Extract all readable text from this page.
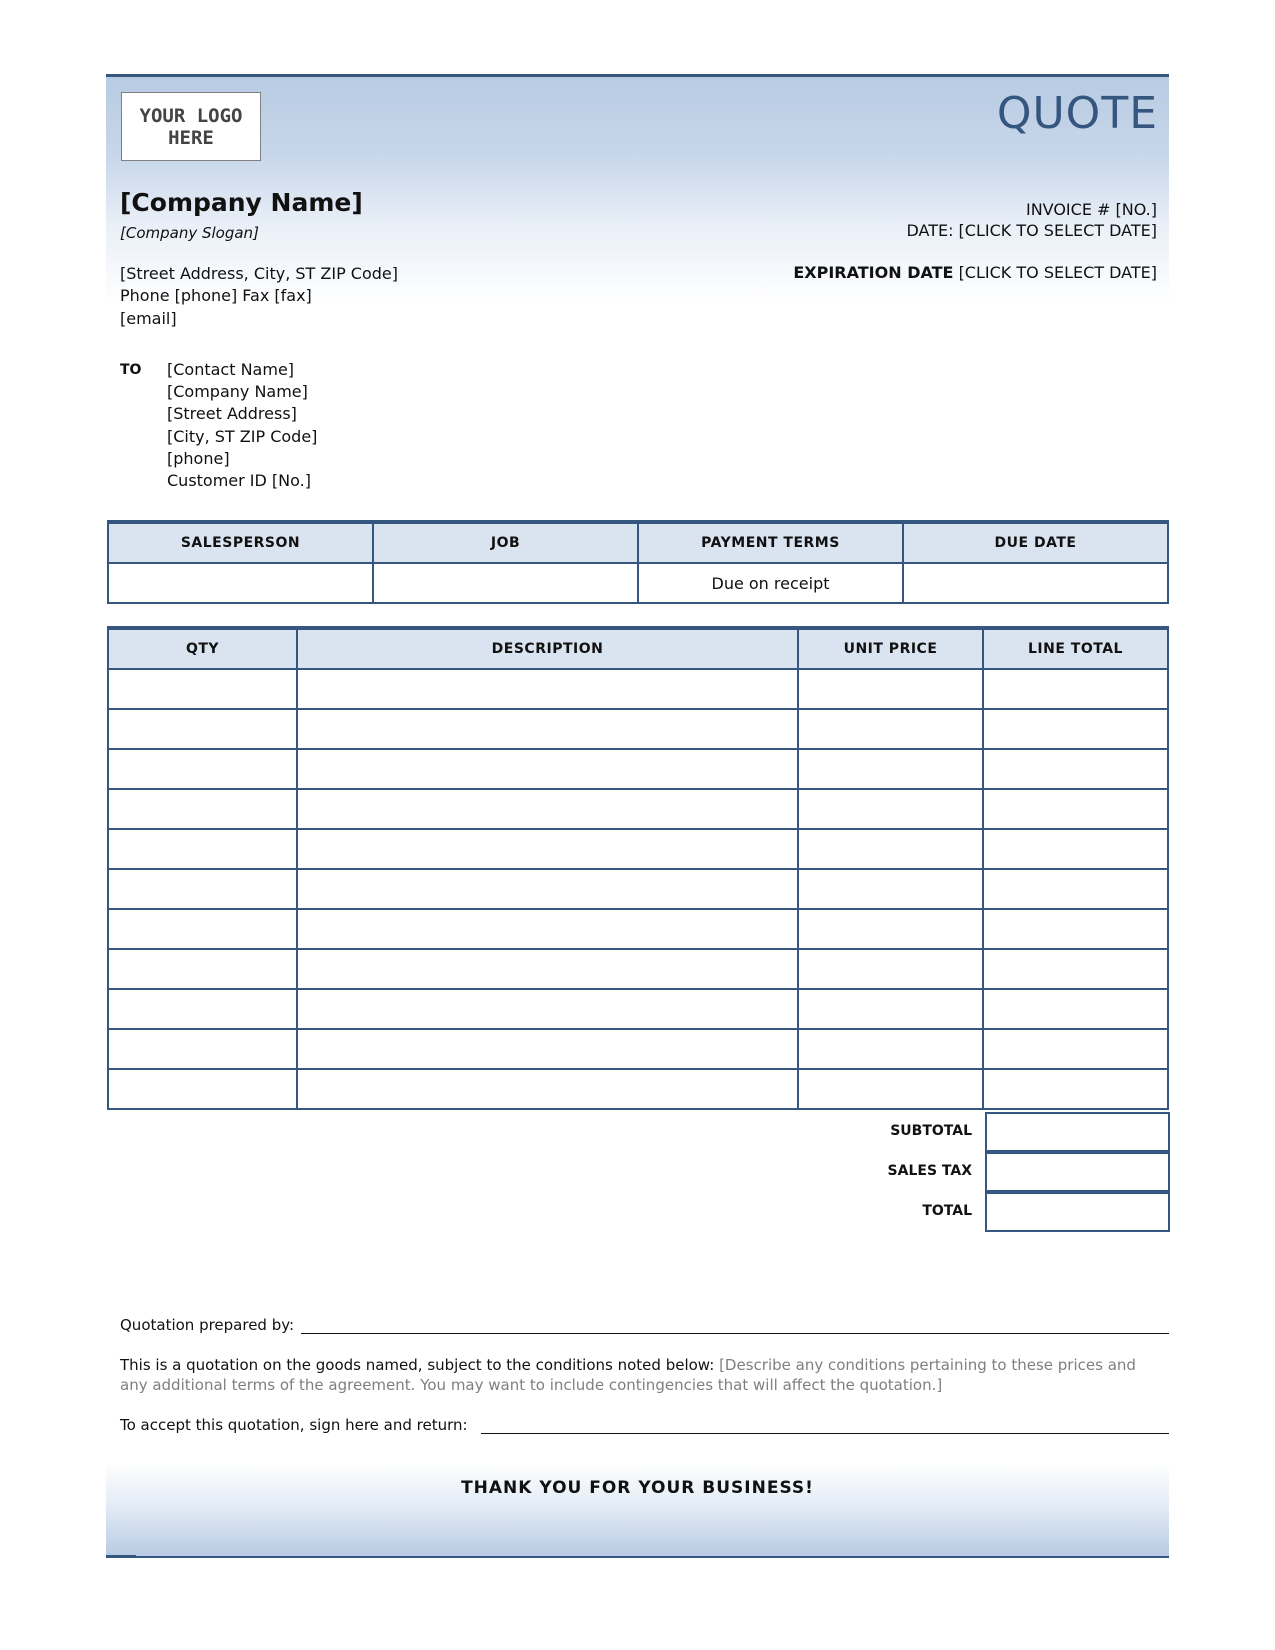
YOUR LOGO
HERE	QUOTE
[Company Name]
[Company Slogan]
[Street Address, City, ST ZIP Code]
Phone [phone] Fax [fax]
[email]
INVOICE # [NO.]
DATE: [CLICK TO SELECT DATE]
EXPIRATION DATE [CLICK TO SELECT DATE]
TO [Contact Name]
[Company Name]
[Street Address]
[City, ST ZIP Code]
[phone]
Customer ID [No.]
SALESPERSON	JOB	PAYMENT TERMS	DUE DATE
		Due on receipt	
QTY	DESCRIPTION	UNIT PRICE	LINE TOTAL

SUBTOTAL
SALES TAX
TOTAL
Quotation prepared by:
This is a quotation on the goods named, subject to the conditions noted below: [Describe any conditions pertaining to these prices and
any additional terms of the agreement. You may want to include contingencies that will affect the quotation.]
To accept this quotation, sign here and return:
THANK YOU FOR YOUR BUSINESS!
